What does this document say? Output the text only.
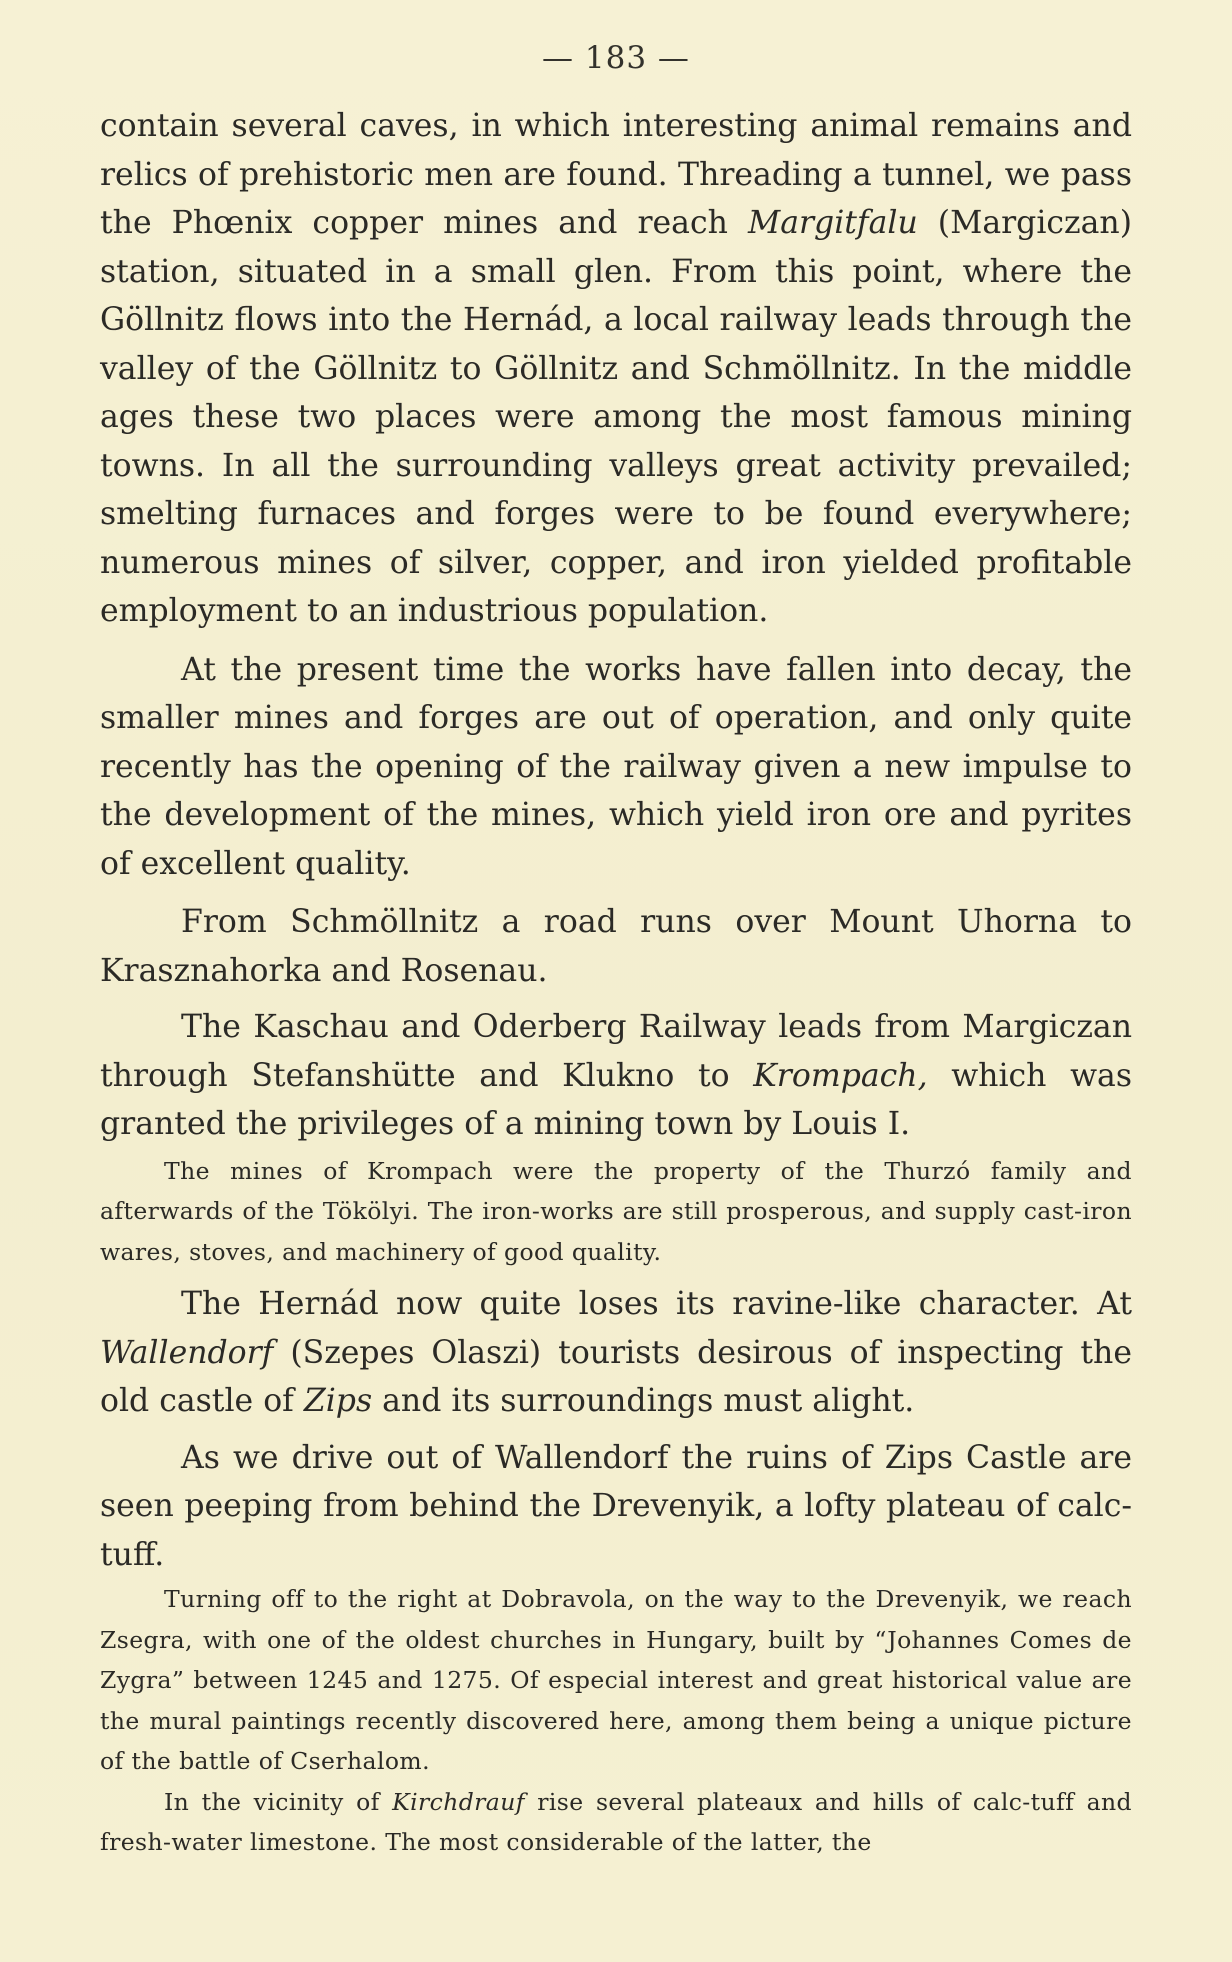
— 183 —

contain several caves, in which interesting animal remains and relics of prehistoric men are found. Threading a tunnel, we pass the Phœnix copper mines and reach Margitfalu (Margiczan) station, situated in a small glen. From this point, where the Göllnitz flows into the Hernád, a local railway leads through the valley of the Göllnitz to Göllnitz and Schmöllnitz. In the middle ages these two places were among the most famous mining towns. In all the surrounding valleys great activity prevailed; smelting furnaces and forges were to be found everywhere; numerous mines of silver, copper, and iron yielded profitable employment to an industrious population.

At the present time the works have fallen into decay, the smaller mines and forges are out of operation, and only quite recently has the opening of the railway given a new impulse to the development of the mines, which yield iron ore and pyrites of excellent quality.

From Schmöllnitz a road runs over Mount Uhorna to Krasznahorka and Rosenau.

The Kaschau and Oderberg Railway leads from Margiczan through Stefanshütte and Klukno to Krompach, which was granted the privileges of a mining town by Louis I.

The mines of Krompach were the property of the Thurzó family and afterwards of the Tökölyi. The iron-works are still prosperous, and supply cast-iron wares, stoves, and machinery of good quality.

The Hernád now quite loses its ravine-like character. At Wallendorf (Szepes Olaszi) tourists desirous of inspecting the old castle of Zips and its surroundings must alight.

As we drive out of Wallendorf the ruins of Zips Castle are seen peeping from behind the Drevenyik, a lofty plateau of calc-tuff.

Turning off to the right at Dobravola, on the way to the Drevenyik, we reach Zsegra, with one of the oldest churches in Hungary, built by “Johannes Comes de Zygra” between 1245 and 1275. Of especial interest and great historical value are the mural paintings recently discovered here, among them being a unique picture of the battle of Cserhalom.

In the vicinity of Kirchdrauf rise several plateaux and hills of calc-tuff and fresh-water limestone. The most considerable of the latter, the
